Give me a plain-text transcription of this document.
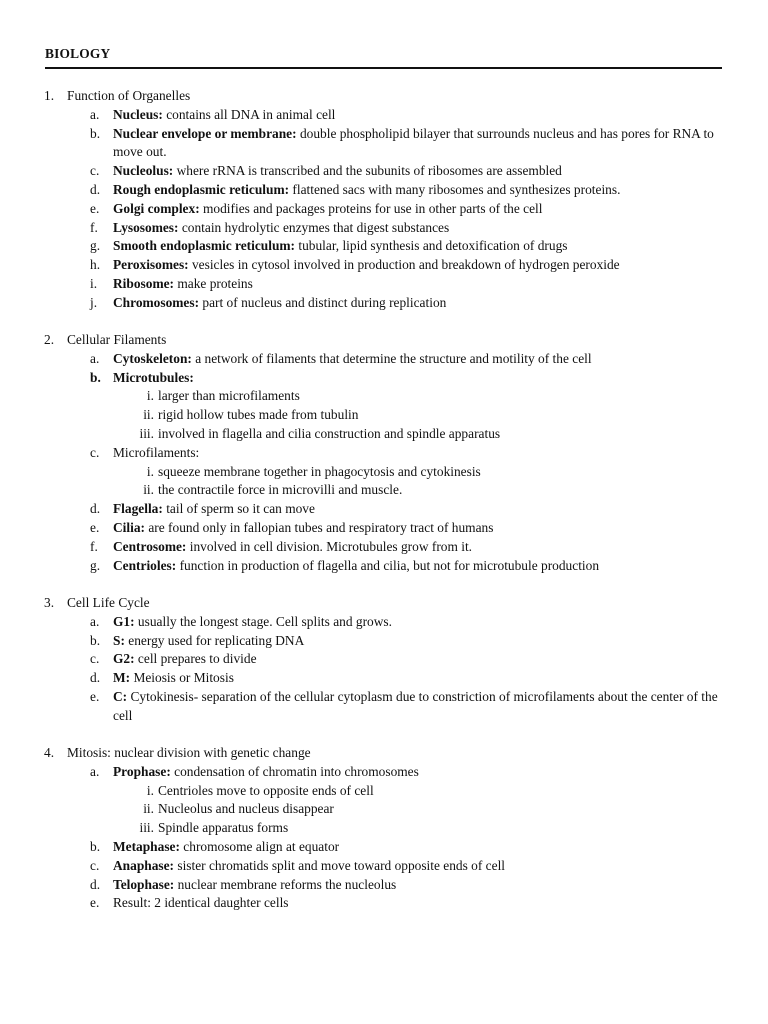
BIOLOGY
1. Function of Organelles
a. Nucleus: contains all DNA in animal cell
b. Nuclear envelope or membrane: double phospholipid bilayer that surrounds nucleus and has pores for RNA to move out.
c. Nucleolus: where rRNA is transcribed and the subunits of ribosomes are assembled
d. Rough endoplasmic reticulum: flattened sacs with many ribosomes and synthesizes proteins.
e. Golgi complex: modifies and packages proteins for use in other parts of the cell
f. Lysosomes: contain hydrolytic enzymes that digest substances
g. Smooth endoplasmic reticulum: tubular, lipid synthesis and detoxification of drugs
h. Peroxisomes: vesicles in cytosol involved in production and breakdown of hydrogen peroxide
i. Ribosome: make proteins
j. Chromosomes: part of nucleus and distinct during replication
2. Cellular Filaments
a. Cytoskeleton: a network of filaments that determine the structure and motility of the cell
b. Microtubules:
i. larger than microfilaments
ii. rigid hollow tubes made from tubulin
iii. involved in flagella and cilia construction and spindle apparatus
c. Microfilaments:
i. squeeze membrane together in phagocytosis and cytokinesis
ii. the contractile force in microvilli and muscle.
d. Flagella: tail of sperm so it can move
e. Cilia: are found only in fallopian tubes and respiratory tract of humans
f. Centrosome: involved in cell division. Microtubules grow from it.
g. Centrioles: function in production of flagella and cilia, but not for microtubule production
3. Cell Life Cycle
a. G1: usually the longest stage. Cell splits and grows.
b. S: energy used for replicating DNA
c. G2: cell prepares to divide
d. M: Meiosis or Mitosis
e. C: Cytokinesis- separation of the cellular cytoplasm due to constriction of microfilaments about the center of the cell
4. Mitosis: nuclear division with genetic change
a. Prophase: condensation of chromatin into chromosomes
i. Centrioles move to opposite ends of cell
ii. Nucleolus and nucleus disappear
iii. Spindle apparatus forms
b. Metaphase: chromosome align at equator
c. Anaphase: sister chromatids split and move toward opposite ends of cell
d. Telophase: nuclear membrane reforms the nucleolus
e. Result: 2 identical daughter cells
